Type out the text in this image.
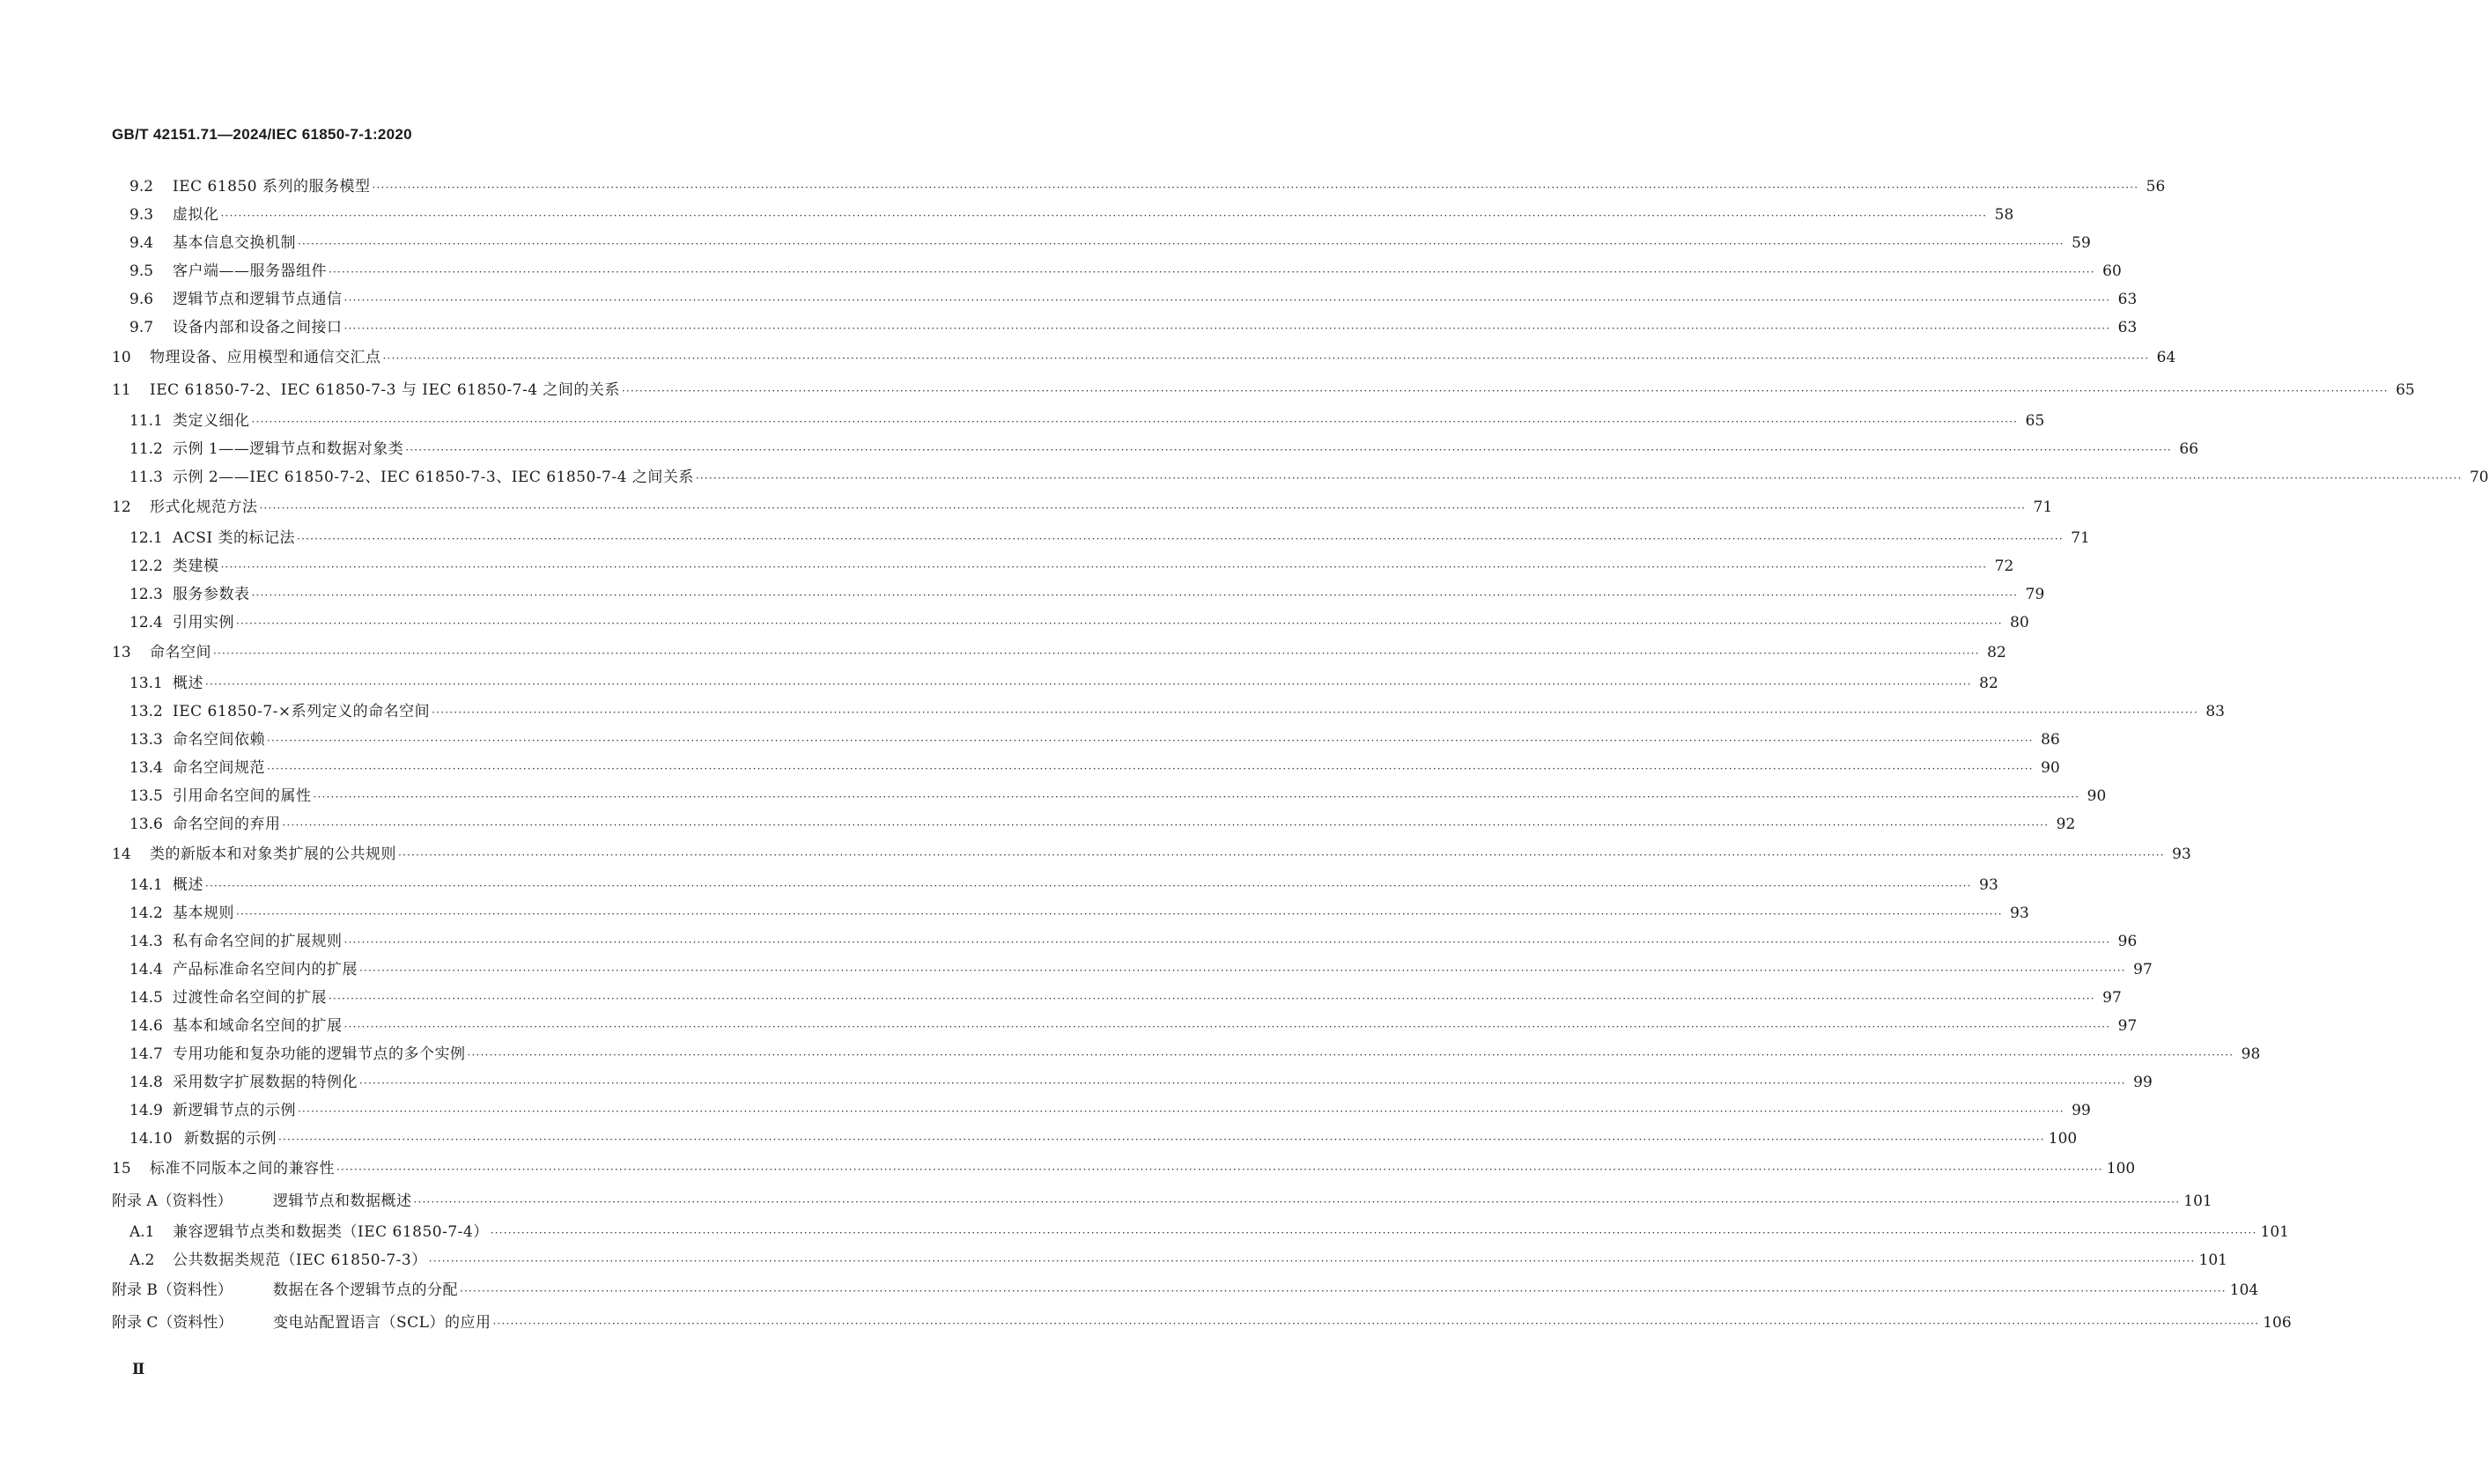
GB/T 42151.71—2024/IEC 61850-7-1:2020
9.2	IEC 61850 系列的服务模型 ················································································································································································································································································································································································································ 56
9.3	虚拟化 ················································································································································································································································································································································································································ 58
9.4	基本信息交换机制 ················································································································································································································································································································································································································ 59
9.5	客户端——服务器组件 ················································································································································································································································································································································································································ 60
9.6	逻辑节点和逻辑节点通信 ················································································································································································································································································································································································································ 63
9.7	设备内部和设备之间接口 ················································································································································································································································································································································································································ 63
10	物理设备、应用模型和通信交汇点 ················································································································································································································································································································································································································ 64
11	IEC 61850-7-2、IEC 61850-7-3 与 IEC 61850-7-4 之间的关系 ················································································································································································································································································································································································································ 65
11.1 类定义细化 ················································································································································································································································································································································································································ 65
11.2 示例 1——逻辑节点和数据对象类 ················································································································································································································································································································································································································ 66
11.3 示例 2——IEC 61850-7-2、IEC 61850-7-3、IEC 61850-7-4 之间关系 ················································································································································································································································································································································································································ 70
12	形式化规范方法 ················································································································································································································································································································································································································ 71
12.1 ACSI 类的标记法 ················································································································································································································································································································································································································ 71
12.2 类建模 ················································································································································································································································································································································································································ 72
12.3 服务参数表 ················································································································································································································································································································································································································ 79
12.4 引用实例 ················································································································································································································································································································································································································ 80
13	命名空间 ················································································································································································································································································································································································································ 82
13.1 概述 ················································································································································································································································································································································································································ 82
13.2 IEC 61850-7-×系列定义的命名空间 ················································································································································································································································································································································································································ 83
13.3 命名空间依赖 ················································································································································································································································································································································································································ 86
13.4 命名空间规范 ················································································································································································································································································································································································································ 90
13.5 引用命名空间的属性 ················································································································································································································································································································································································································ 90
13.6 命名空间的弃用 ················································································································································································································································································································································································································ 92
14	类的新版本和对象类扩展的公共规则 ················································································································································································································································································································································································································ 93
14.1 概述 ················································································································································································································································································································································································································ 93
14.2 基本规则 ················································································································································································································································································································································································································ 93
14.3 私有命名空间的扩展规则 ················································································································································································································································································································································································································ 96
14.4 产品标准命名空间内的扩展 ················································································································································································································································································································································································································ 97
14.5 过渡性命名空间的扩展 ················································································································································································································································································································································································································ 97
14.6 基本和域命名空间的扩展 ················································································································································································································································································································································································································ 97
14.7 专用功能和复杂功能的逻辑节点的多个实例 ················································································································································································································································································································································································································ 98
14.8 采用数字扩展数据的特例化 ················································································································································································································································································································································································································ 99
14.9 新逻辑节点的示例 ················································································································································································································································································································································································································ 99
14.10 新数据的示例 ················································································································································································································································································································································································································ 100
15	标准不同版本之间的兼容性 ················································································································································································································································································································································································································ 100
附录 A（资料性）	逻辑节点和数据概述 ················································································································································································································································································································································································································ 101
A.1	兼容逻辑节点类和数据类（IEC 61850-7-4） ················································································································································································································································································································································································································ 101
A.2	公共数据类规范（IEC 61850-7-3） ················································································································································································································································································································································································································ 101
附录 B（资料性）	数据在各个逻辑节点的分配 ················································································································································································································································································································································································································ 104
附录 C（资料性）	变电站配置语言（SCL）的应用 ················································································································································································································································································································································································································ 106
Ⅱ
